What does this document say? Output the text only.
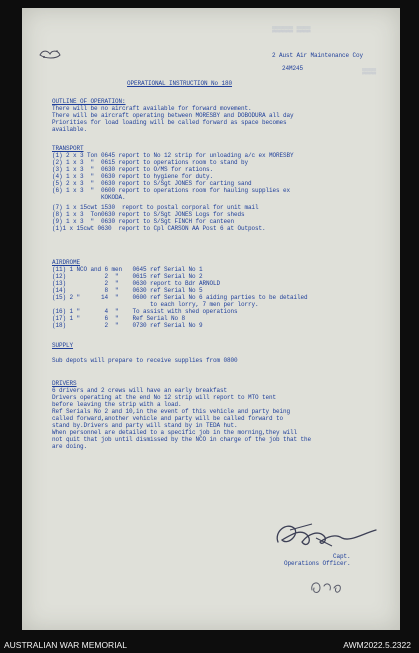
▒▒▒▒▒▒ ▒▒▒▒
▒▒▒▒
2 Aust Air Maintenance Coy
24M245
OPERATIONAL INSTRUCTION No 180
OUTLINE OF OPERATION:
There will be no aircraft available for forward movement.
There will be aircraft operating between MORESBY and DOBODURA all day
Priorities for load loading will be called forward as space becomes
available.
TRANSPORT
(1) 2 x 3 Ton 0645 report to No 12 strip for unloading a/c ex MORESBY
(2) 1 x 3  "  0615 report to operations room to stand by
(3) 1 x 3  "  0630 report to O/MS for rations.
(4) 1 x 3  "  0630 report to hygiene for duty.
(5) 2 x 3  "  0630 report to S/Sgt JONES for carting sand
(6) 1 x 3  "  0600 report to operations room for hauling supplies ex
KOKODA.
(7) 1 x 15cwt 1530  report to postal corporal for unit mail
(8) 1 x 3  Ton0630 report to S/Sgt JONES Logs for sheds
(9) 1 x 3  "  0630 report to S/Sgt FINCH for canteen
(1)1 x 15cwt 0630  report to Cpl CARSON AA Post 6 at Outpost.
AIRDROME
(11) 1 NCO and 6 men   0645 ref Serial No 1
(12)           2  "    0615 ref Serial No 2
(13)           2  "    0630 report to Bdr ARNOLD
(14)           8  "    0630 ref Serial No 5
(15) 2 "      14  "    0600 ref Serial No 6 aiding parties to be detailed
to each lorry, 7 men per lorry.
(16) 1 "       4  "    To assist with shed operations
(17) 1 "       6  "    Ref Serial No 8
(18)           2  "    0730 ref Serial No 9
SUPPLY
Sub depots will prepare to receive supplies from 0800
DRIVERS
6 drivers and 2 crews will have an early breakfast
Drivers operating at the end No 12 strip will report to MTO tent
before leaving the strip with a load.
Ref Serials No 2 and 10,in the event of this vehicle and party being
called forward,another vehicle and party will be called forward to
stand by.Drivers and party will stand by in TEDA hut.
When personnel are detailed to a specific job in the morning,they will
not quit that job until dismissed by the NCO in charge of the job that the
are doing.
Capt.
Operations Officer.
AUSTRALIAN WAR MEMORIAL	AWM2022.5.2322
